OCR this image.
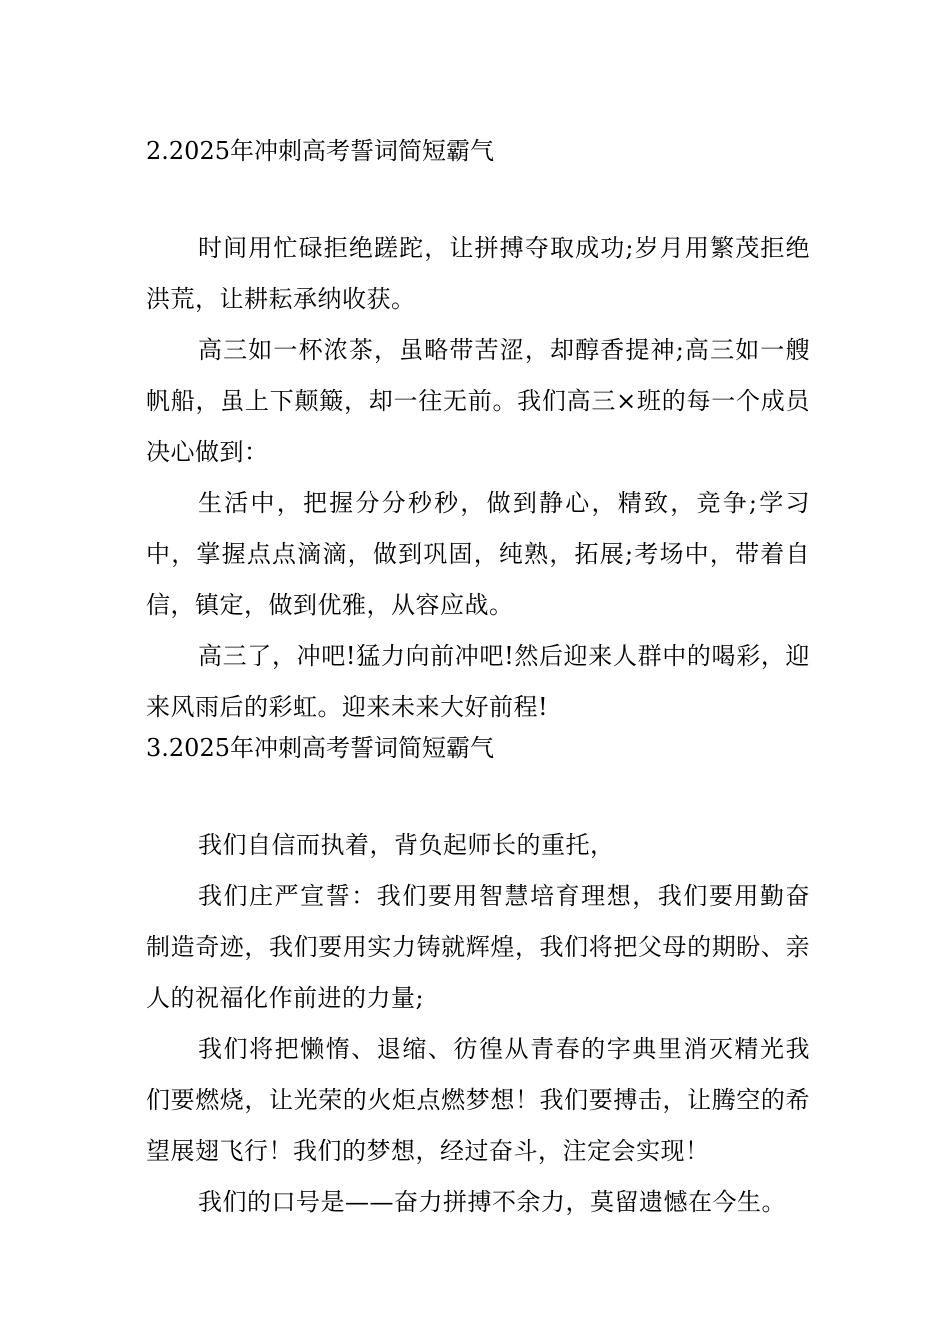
2.2025年冲刺高考誓词简短霸气

时间用忙碌拒绝蹉跎，让拼搏夺取成功;岁月用繁茂拒绝洪荒，让耕耘承纳收获。

高三如一杯浓茶，虽略带苦涩，却醇香提神;高三如一艘帆船，虽上下颠簸，却一往无前。我们高三×班的每一个成员决心做到：

生活中，把握分分秒秒，做到静心，精致，竞争;学习中，掌握点点滴滴，做到巩固，纯熟，拓展;考场中，带着自信，镇定，做到优雅，从容应战。

高三了，冲吧!猛力向前冲吧!然后迎来人群中的喝彩，迎来风雨后的彩虹。迎来未来大好前程!

3.2025年冲刺高考誓词简短霸气

我们自信而执着，背负起师长的重托，

我们庄严宣誓：我们要用智慧培育理想，我们要用勤奋制造奇迹，我们要用实力铸就辉煌，我们将把父母的期盼、亲人的祝福化作前进的力量;

我们将把懒惰、退缩、彷徨从青春的字典里消灭精光我们要燃烧，让光荣的火炬点燃梦想！我们要搏击，让腾空的希望展翅飞行！我们的梦想，经过奋斗，注定会实现！

我们的口号是——奋力拼搏不余力，莫留遗憾在今生。
